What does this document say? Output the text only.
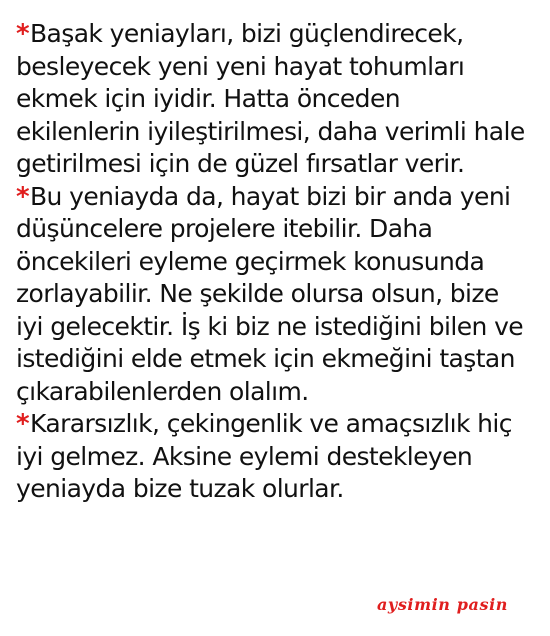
*Başak yeniayları, bizi güçlendirecek,
besleyecek yeni yeni hayat tohumları
ekmek için iyidir. Hatta önceden
ekilenlerin iyileştirilmesi, daha verimli hale
getirilmesi için de güzel fırsatlar verir.
*Bu yeniayda da, hayat bizi bir anda yeni
düşüncelere projelere itebilir. Daha
öncekileri eyleme geçirmek konusunda
zorlayabilir. Ne şekilde olursa olsun, bize
iyi gelecektir. İş ki biz ne istediğini bilen ve
istediğini elde etmek için ekmeğini taştan
çıkarabilenlerden olalım.
*Kararsızlık, çekingenlik ve amaçsızlık hiç
iyi gelmez. Aksine eylemi destekleyen
yeniayda bize tuzak olurlar.
aysimin pasin
